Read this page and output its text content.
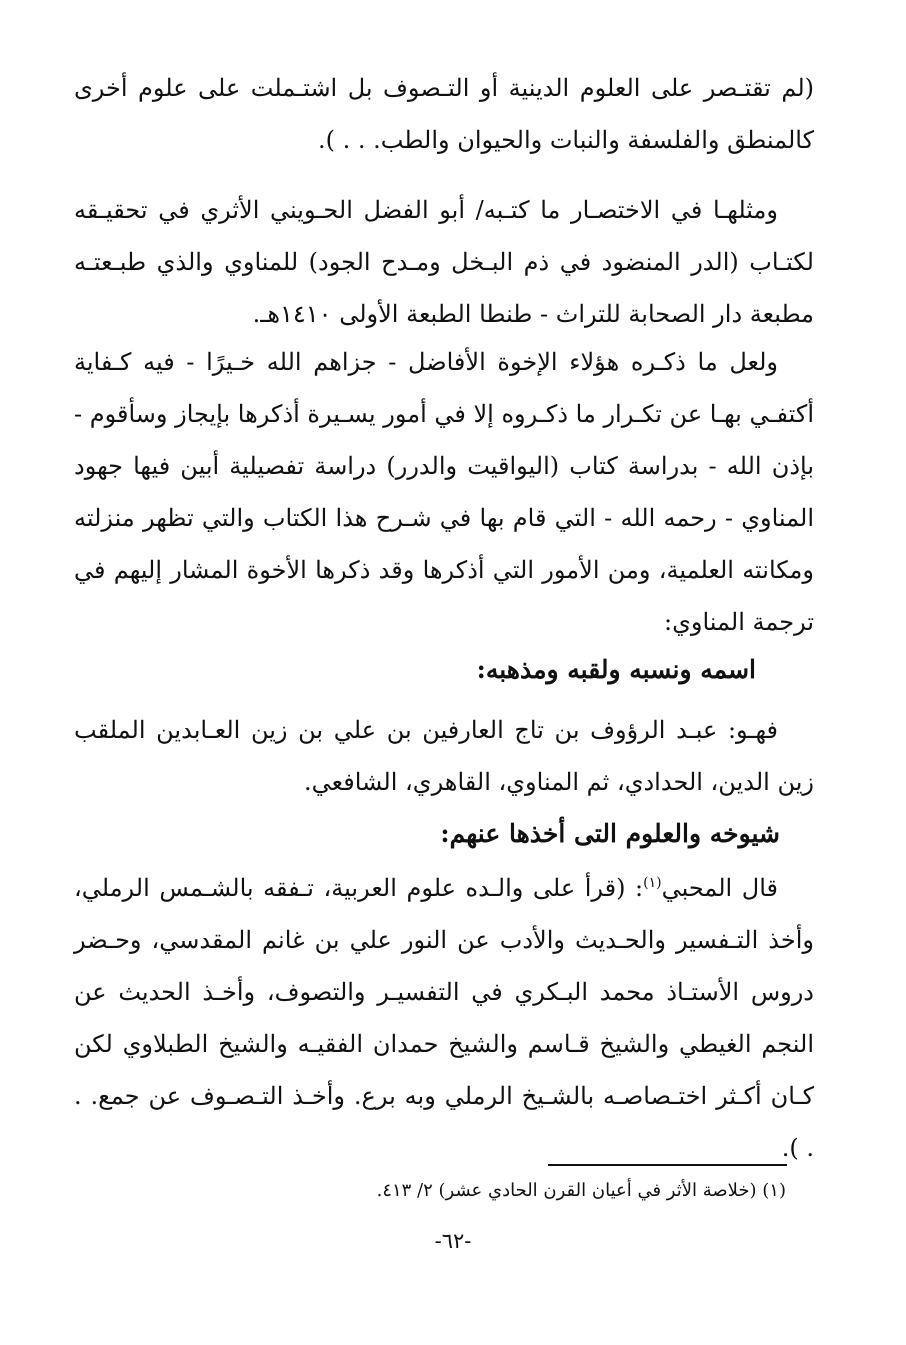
(لم تقتـصر على العلوم الدينية أو التـصوف بل اشتـملت على علوم أخرى كالمنطق والفلسفة والنبات والحيوان والطب. . . ).

ومثلهـا في الاختصـار ما كتـبه/ أبو الفضل الحـويني الأثري في تحقيـقه لكتـاب (الدر المنضود في ذم البـخل ومـدح الجود) للمناوي والذي طبـعتـه مطبعة دار الصحابة للتراث - طنطا الطبعة الأولى ١٤١٠هـ.

ولعل ما ذكـره هؤلاء الإخوة الأفاضل - جزاهم الله خـيرًا - فيه كـفاية أكتفـي بهـا عن تكـرار ما ذكـروه إلا في أمور يسـيرة أذكرها بإيجاز وسأقوم - بإذن الله - بدراسة كتاب (اليواقيت والدرر) دراسة تفصيلية أبين فيها جهود المناوي - رحمه الله - التي قام بها في شـرح هذا الكتاب والتي تظهر منزلته ومكانته العلمية، ومن الأمور التي أذكرها وقد ذكرها الأخوة المشار إليهم في ترجمة المناوي:

اسمه ونسبه ولقبه ومذهبه:

فهـو: عبـد الرؤوف بن تاج العارفين بن علي بن زين العـابدين الملقب زين الدين، الحدادي، ثم المناوي، القاهري، الشافعي.

شيوخه والعلوم التى أخذها عنهم:

قال المحبي$^{(١)}$: (قرأ على والـده علوم العربية، تـفقه بالشـمس الرملي، وأخذ التـفسير والحـديث والأدب عن النور علي بن غانم المقدسي، وحـضر دروس الأستـاذ محمد البـكري في التفسيـر والتصوف، وأخـذ الحديث عن النجم الغيطي والشيخ قـاسم والشيخ حمدان الفقيـه والشيخ الطبلاوي لكن كـان أكـثر اختـصاصـه بالشـيخ الرملي وبه برع. وأخـذ التـصـوف عن جمع. . . ).

(١) (خلاصة الأثر في أعيان القرن الحادي عشر) ٢/ ٤١٣.
-٦٢-
